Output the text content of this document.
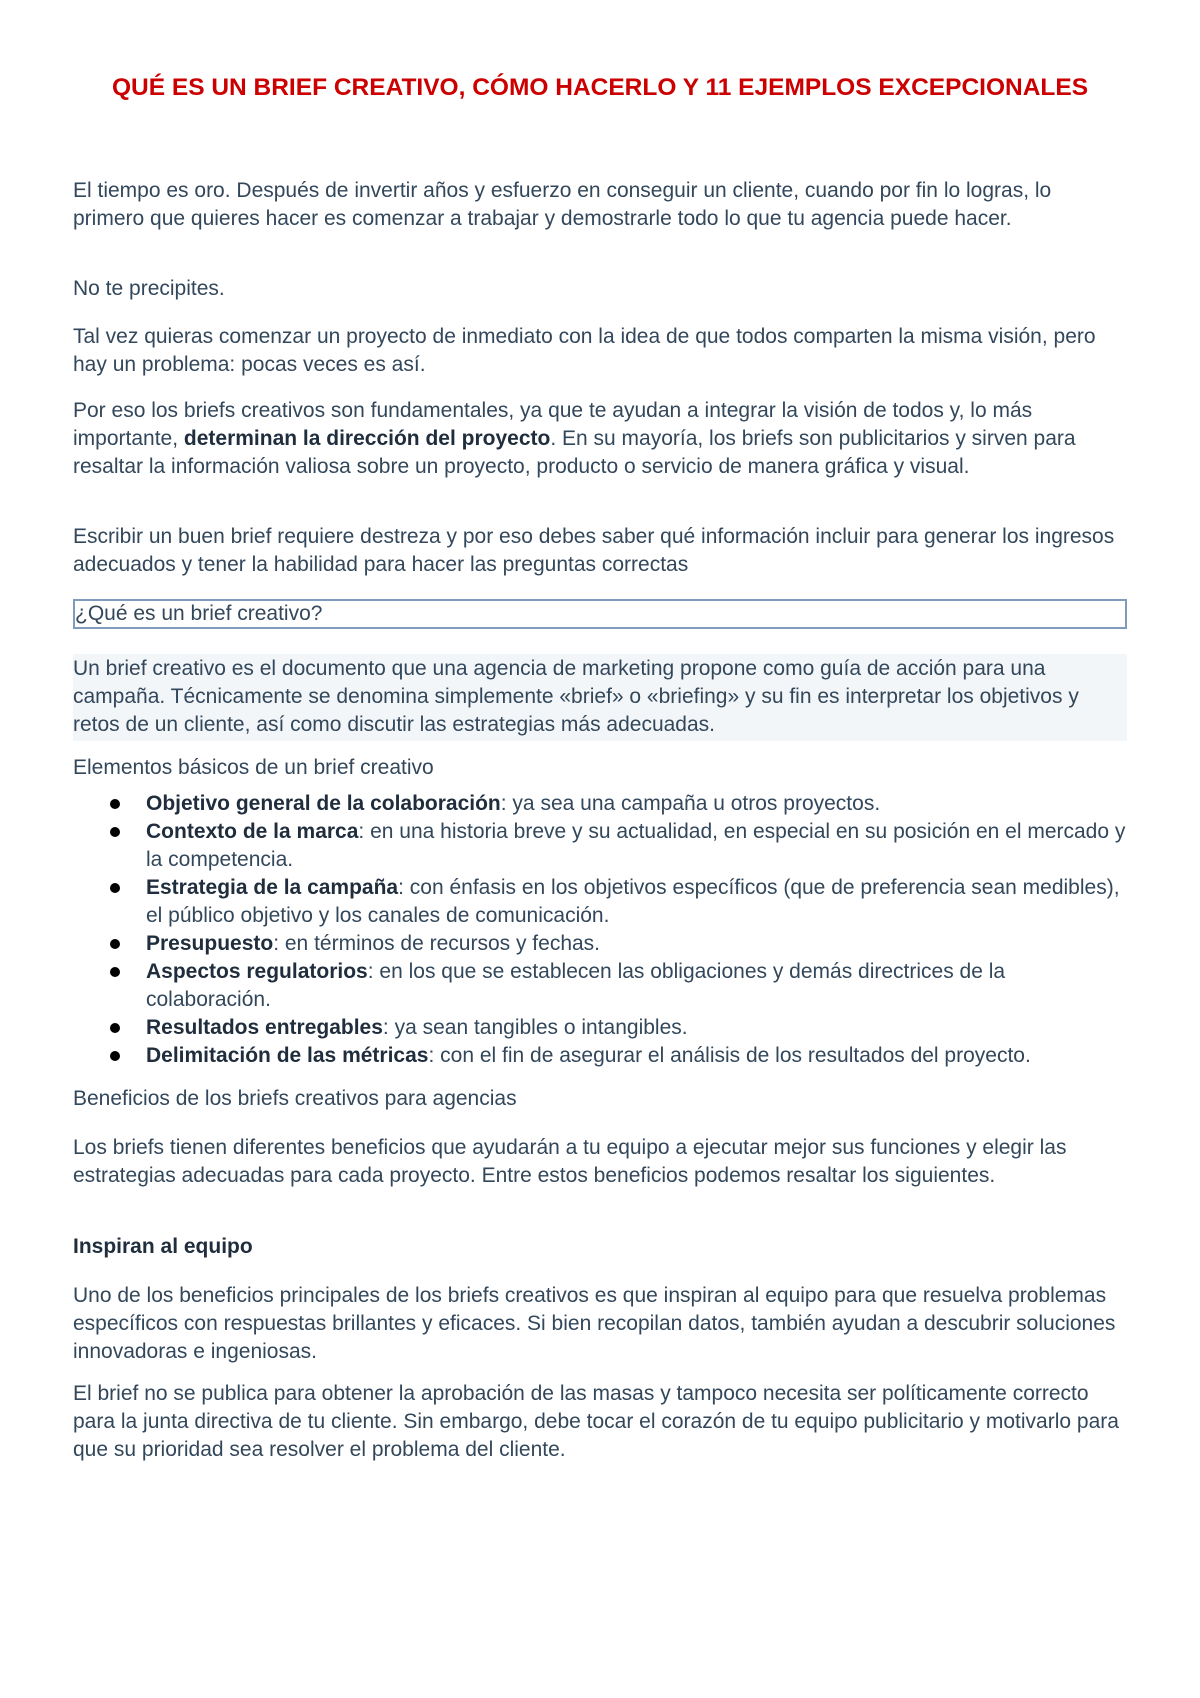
QUÉ ES UN BRIEF CREATIVO, CÓMO HACERLO Y 11 EJEMPLOS EXCEPCIONALES

El tiempo es oro. Después de invertir años y esfuerzo en conseguir un cliente, cuando por fin lo logras, lo primero que quieres hacer es comenzar a trabajar y demostrarle todo lo que tu agencia puede hacer.

No te precipites.

Tal vez quieras comenzar un proyecto de inmediato con la idea de que todos comparten la misma visión, pero hay un problema: pocas veces es así.

Por eso los briefs creativos son fundamentales, ya que te ayudan a integrar la visión de todos y, lo más importante, determinan la dirección del proyecto. En su mayoría, los briefs son publicitarios y sirven para resaltar la información valiosa sobre un proyecto, producto o servicio de manera gráfica y visual.

Escribir un buen brief requiere destreza y por eso debes saber qué información incluir para generar los ingresos adecuados y tener la habilidad para hacer las preguntas correctas

¿Qué es un brief creativo?

Un brief creativo es el documento que una agencia de marketing propone como guía de acción para una campaña. Técnicamente se denomina simplemente «brief» o «briefing» y su fin es interpretar los objetivos y retos de un cliente, así como discutir las estrategias más adecuadas.

Elementos básicos de un brief creativo

Objetivo general de la colaboración: ya sea una campaña u otros proyectos.
Contexto de la marca: en una historia breve y su actualidad, en especial en su posición en el mercado y la competencia.
Estrategia de la campaña: con énfasis en los objetivos específicos (que de preferencia sean medibles), el público objetivo y los canales de comunicación.
Presupuesto: en términos de recursos y fechas.
Aspectos regulatorios: en los que se establecen las obligaciones y demás directrices de la colaboración.
Resultados entregables: ya sean tangibles o intangibles.
Delimitación de las métricas: con el fin de asegurar el análisis de los resultados del proyecto.

Beneficios de los briefs creativos para agencias

Los briefs tienen diferentes beneficios que ayudarán a tu equipo a ejecutar mejor sus funciones y elegir las estrategias adecuadas para cada proyecto. Entre estos beneficios podemos resaltar los siguientes.

Inspiran al equipo

Uno de los beneficios principales de los briefs creativos es que inspiran al equipo para que resuelva problemas específicos con respuestas brillantes y eficaces. Si bien recopilan datos, también ayudan a descubrir soluciones innovadoras e ingeniosas.

El brief no se publica para obtener la aprobación de las masas y tampoco necesita ser políticamente correcto para la junta directiva de tu cliente. Sin embargo, debe tocar el corazón de tu equipo publicitario y motivarlo para que su prioridad sea resolver el problema del cliente.
